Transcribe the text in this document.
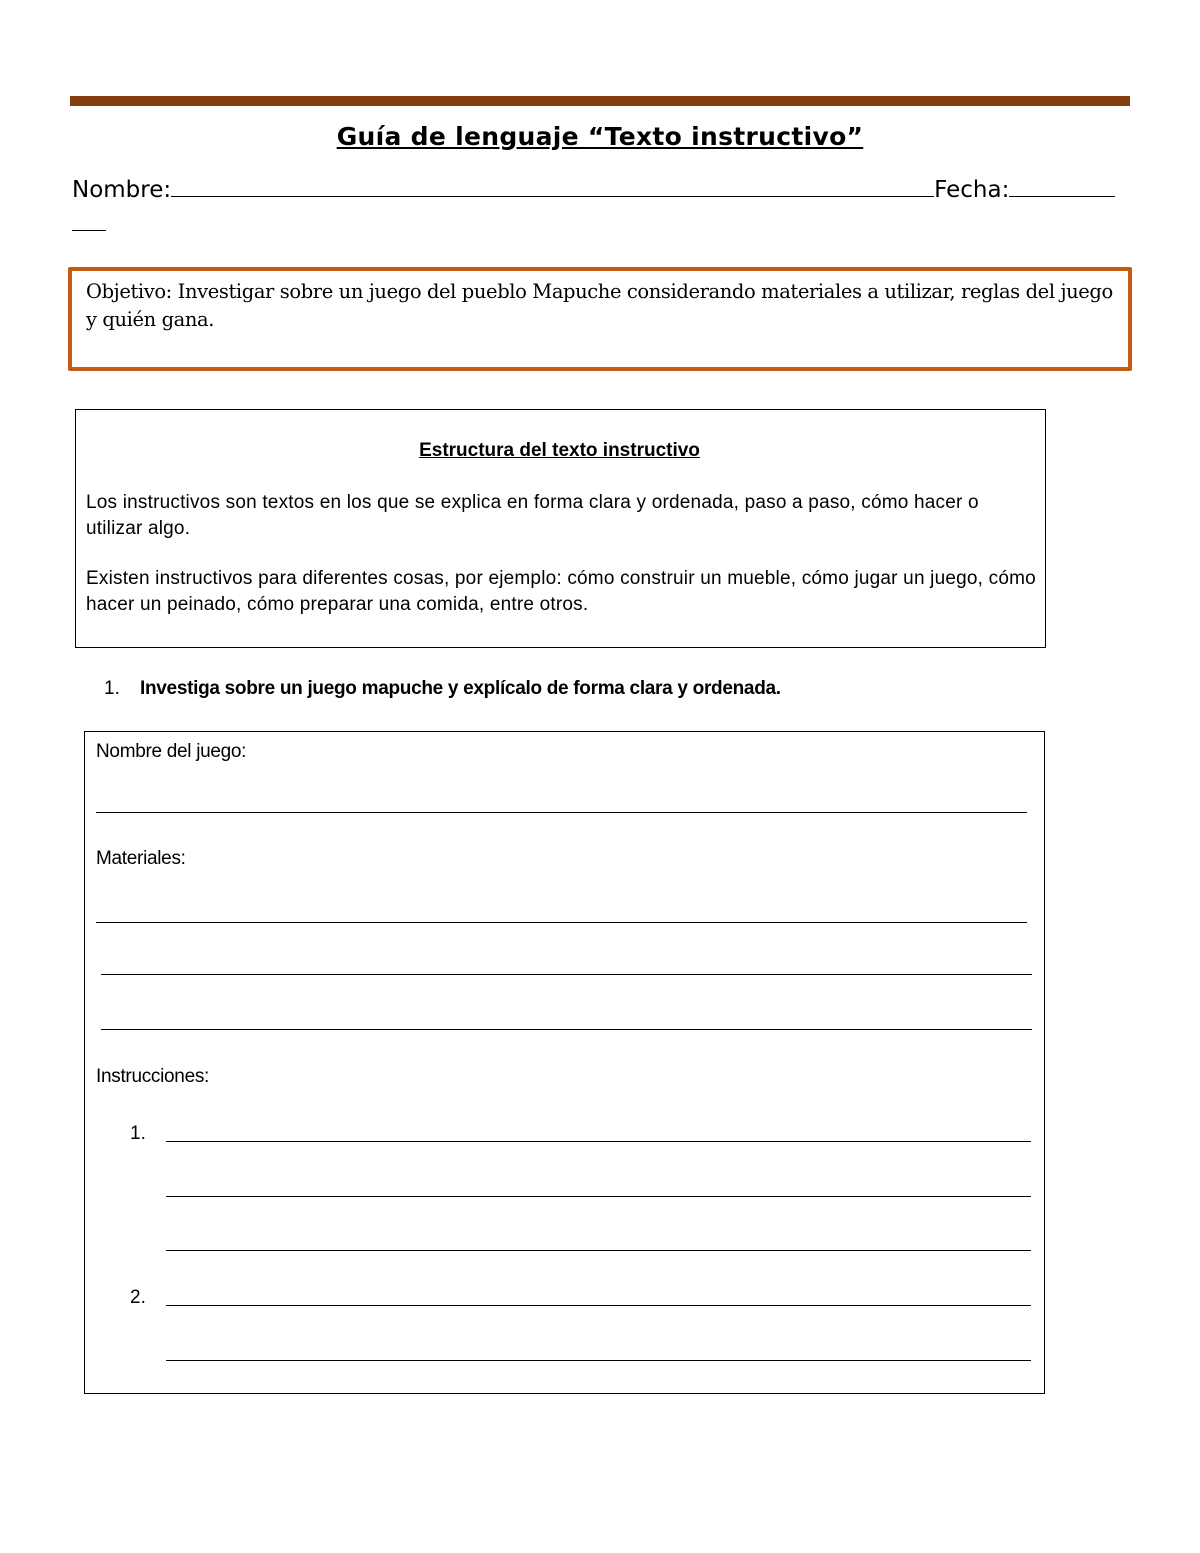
Guía de lenguaje “Texto instructivo”
Nombre:	Fecha:
Objetivo: Investigar sobre un juego del pueblo Mapuche considerando materiales a utilizar, reglas del juego y quién gana.
Estructura del texto instructivo
Los instructivos son textos en los que se explica en forma clara y ordenada, paso a paso, cómo hacer o utilizar algo.
Existen instructivos para diferentes cosas, por ejemplo: cómo construir un mueble, cómo jugar un juego, cómo hacer un peinado, cómo preparar una comida, entre otros.
1. Investiga sobre un juego mapuche y explícalo de forma clara y ordenada.
Nombre del juego:
Materiales:
Instrucciones:
1.
2.
